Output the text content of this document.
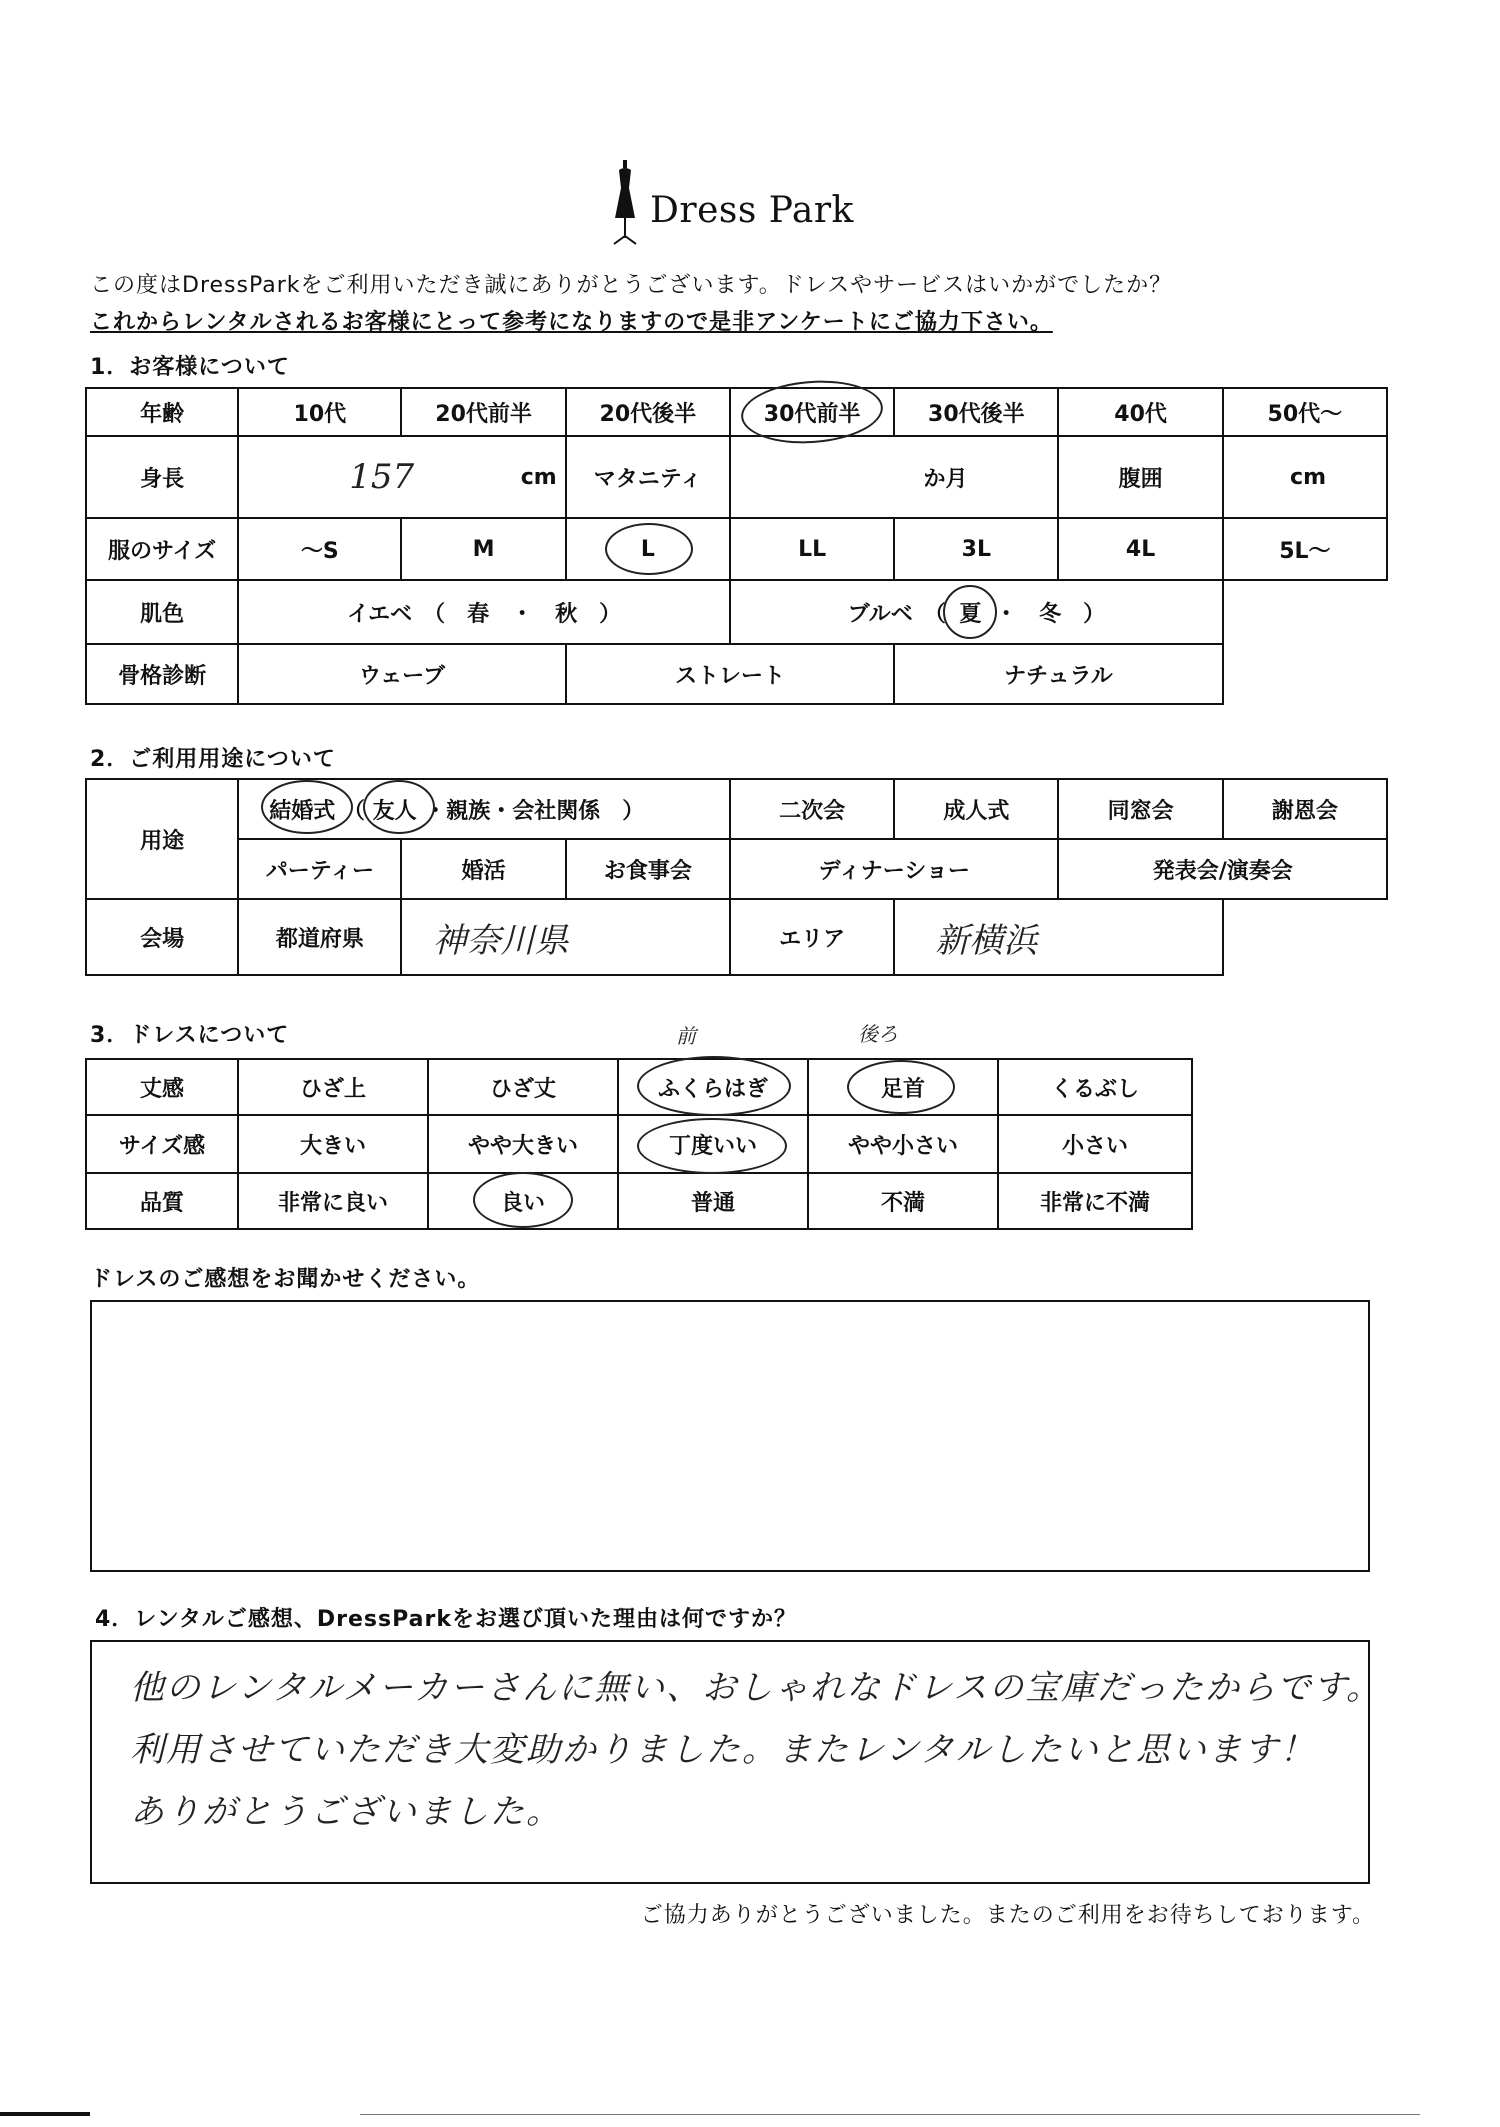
Dress Park
この度はDressParkをご利用いただき誠にありがとうございます。ドレスやサービスはいかがでしたか？
これからレンタルされるお客様にとって参考になりますので是非アンケートにご協力下さい。
1．お客様について
年齢	10代	20代前半	20代後半	30代前半	30代後半	40代	50代～
身長	157 cm		マタニティ	か月		腹囲	cm
服のサイズ	～S	M	L	LL	3L	4L	5L～
肌色	イエベ　（　春　・　秋　）			ブルベ　（ 夏 ・　冬　）			
骨格診断	ウェーブ		ストレート		ナチュラル		
2．ご利用用途について
用途	結婚式 （ 友人 ・親族・会社関係　）			二次会	成人式	同窓会	謝恩会
	パーティー	婚活	お食事会	ディナーショー		発表会/演奏会	
会場	都道府県	神奈川県		エリア	新横浜		
3．ドレスについて	前	後ろ
丈感	ひざ上	ひざ丈	ふくらはぎ	足首	くるぶし
サイズ感	大きい	やや大きい	丁度いい	やや小さい	小さい
品質	非常に良い	良い	普通	不満	非常に不満
ドレスのご感想をお聞かせください。
4．レンタルご感想、DressParkをお選び頂いた理由は何ですか？
他のレンタルメーカーさんに無い、おしゃれなドレスの宝庫だったからです。
利用させていただき大変助かりました。またレンタルしたいと思います！
ありがとうございました。
ご協力ありがとうございました。またのご利用をお待ちしております。
